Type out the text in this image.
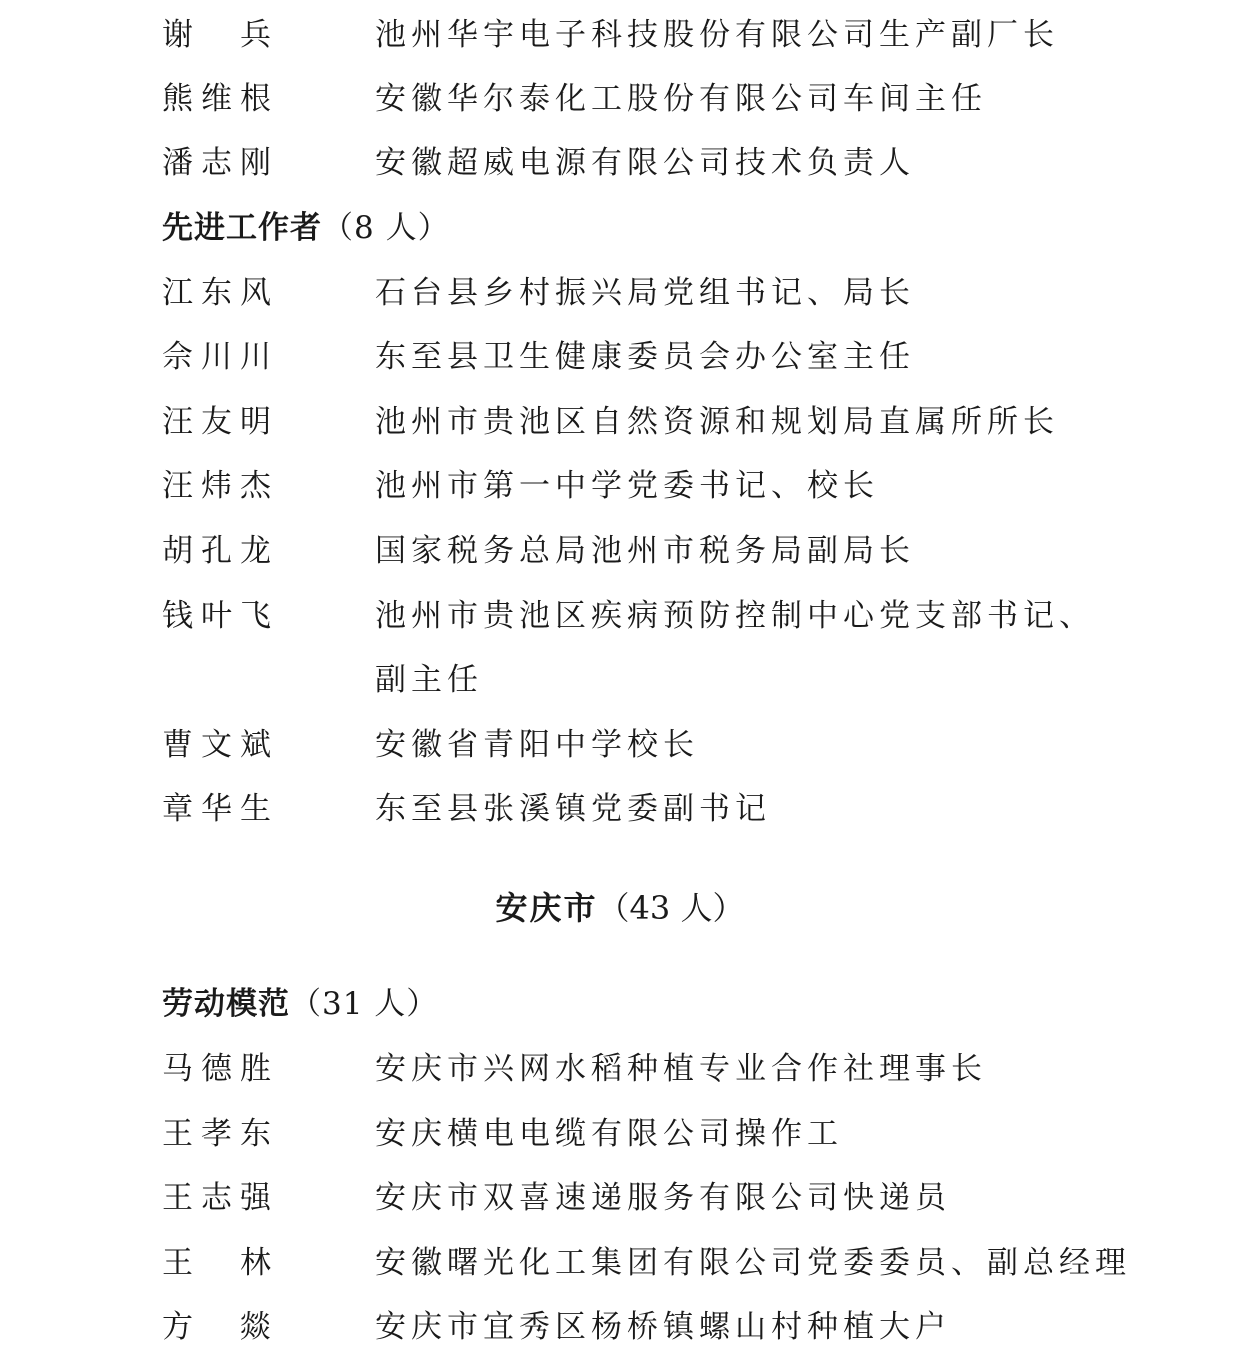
谢　兵	池州华宇电子科技股份有限公司生产副厂长
熊维根	安徽华尔泰化工股份有限公司车间主任
潘志刚	安徽超威电源有限公司技术负责人
先进工作者（8 人）
江东风	石台县乡村振兴局党组书记、局长
佘川川	东至县卫生健康委员会办公室主任
汪友明	池州市贵池区自然资源和规划局直属所所长
汪炜杰	池州市第一中学党委书记、校长
胡孔龙	国家税务总局池州市税务局副局长
钱叶飞	池州市贵池区疾病预防控制中心党支部书记、
副主任
曹文斌	安徽省青阳中学校长
章华生	东至县张溪镇党委副书记
安庆市（43 人）
劳动模范（31 人）
马德胜	安庆市兴网水稻种植专业合作社理事长
王孝东	安庆横电电缆有限公司操作工
王志强	安庆市双喜速递服务有限公司快递员
王　林	安徽曙光化工集团有限公司党委委员、副总经理
方　燚	安庆市宜秀区杨桥镇螺山村种植大户
